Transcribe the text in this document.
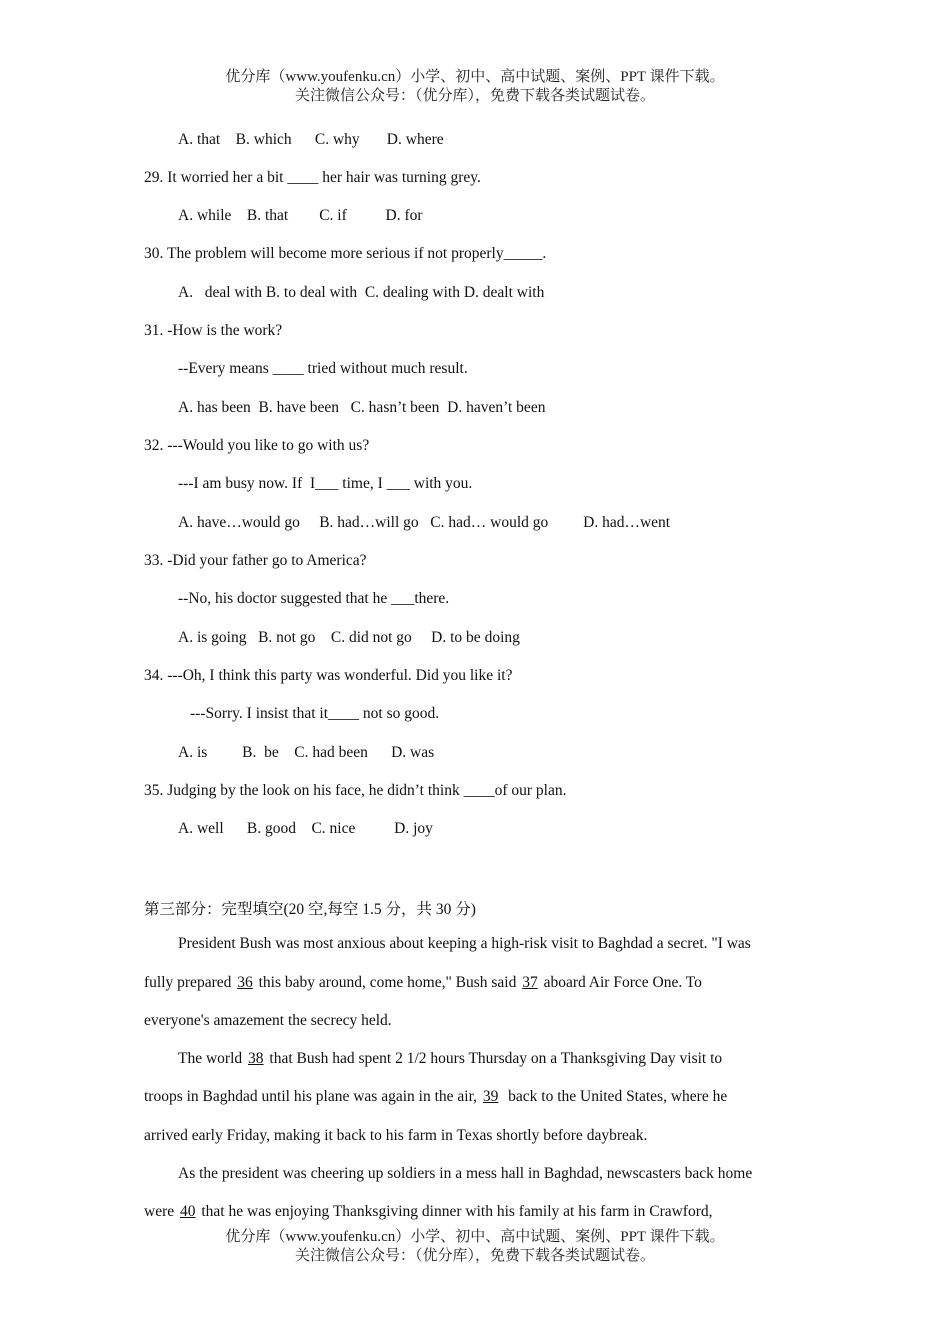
优分库（www.youfenku.cn）小学、初中、高中试题、案例、PPT 课件下载。
关注微信公众号：（优分库），免费下载各类试题试卷。
A. that    B. which      C. why       D. where
29. It worried her a bit ____ her hair was turning grey.
A. while    B. that        C. if          D. for
30. The problem will become more serious if not properly_____.
A.   deal with B. to deal with  C. dealing with D. dealt with
31. -How is the work?
--Every means ____ tried without much result.
A. has been  B. have been   C. hasn’t been  D. haven’t been
32. ---Would you like to go with us?
---I am busy now. If  I___ time, I ___ with you.
A. have…would go     B. had…will go   C. had… would go         D. had…went
33. -Did your father go to America?
--No, his doctor suggested that he ___there.
A. is going   B. not go    C. did not go     D. to be doing
34. ---Oh, I think this party was wonderful. Did you like it?
---Sorry. I insist that it____ not so good.
A. is         B.  be    C. had been      D. was
35. Judging by the look on his face, he didn’t think ____of our plan.
A. well      B. good    C. nice          D. joy
第三部分：完型填空(20 空,每空 1.5 分，共 30 分)
President Bush was most anxious about keeping a high-risk visit to Baghdad a secret. "I was
fully prepared 36 this baby around, come home," Bush said 37 aboard Air Force One. To
everyone's amazement the secrecy held.
The world 38 that Bush had spent 2 1/2 hours Thursday on a Thanksgiving Day visit to
troops in Baghdad until his plane was again in the air, 39  back to the United States, where he
arrived early Friday, making it back to his farm in Texas shortly before daybreak.
As the president was cheering up soldiers in a mess hall in Baghdad, newscasters back home
were 40 that he was enjoying Thanksgiving dinner with his family at his farm in Crawford,
优分库（www.youfenku.cn）小学、初中、高中试题、案例、PPT 课件下载。
关注微信公众号：（优分库），免费下载各类试题试卷。
